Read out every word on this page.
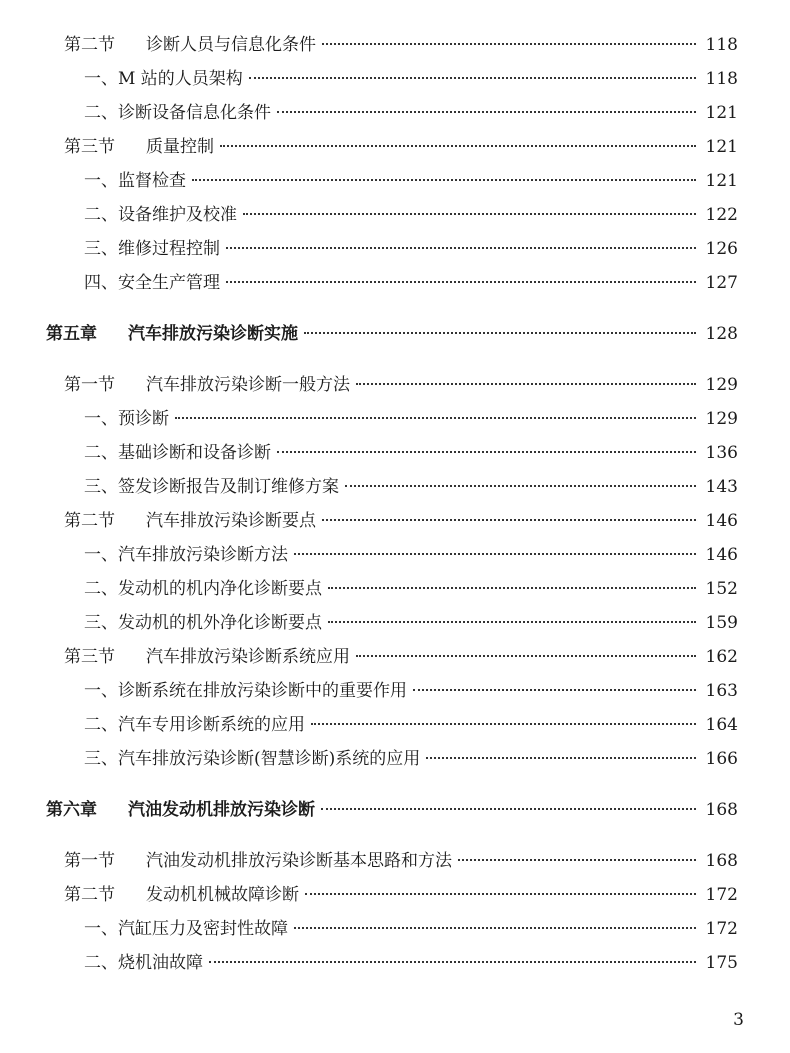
第二节	诊断人员与信息化条件	118
一、 M 站的人员架构	118
二、 诊断设备信息化条件	121
第三节	质量控制	121
一、 监督检查	121
二、 设备维护及校准	122
三、 维修过程控制	126
四、 安全生产管理	127
第五章	汽车排放污染诊断实施	128
第一节	汽车排放污染诊断一般方法	129
一、 预诊断	129
二、 基础诊断和设备诊断	136
三、 签发诊断报告及制订维修方案	143
第二节	汽车排放污染诊断要点	146
一、 汽车排放污染诊断方法	146
二、 发动机的机内净化诊断要点	152
三、 发动机的机外净化诊断要点	159
第三节	汽车排放污染诊断系统应用	162
一、 诊断系统在排放污染诊断中的重要作用	163
二、 汽车专用诊断系统的应用	164
三、 汽车排放污染诊断(智慧诊断)系统的应用	166
第六章	汽油发动机排放污染诊断	168
第一节	汽油发动机排放污染诊断基本思路和方法	168
第二节	发动机机械故障诊断	172
一、 汽缸压力及密封性故障	172
二、 烧机油故障	175
3
